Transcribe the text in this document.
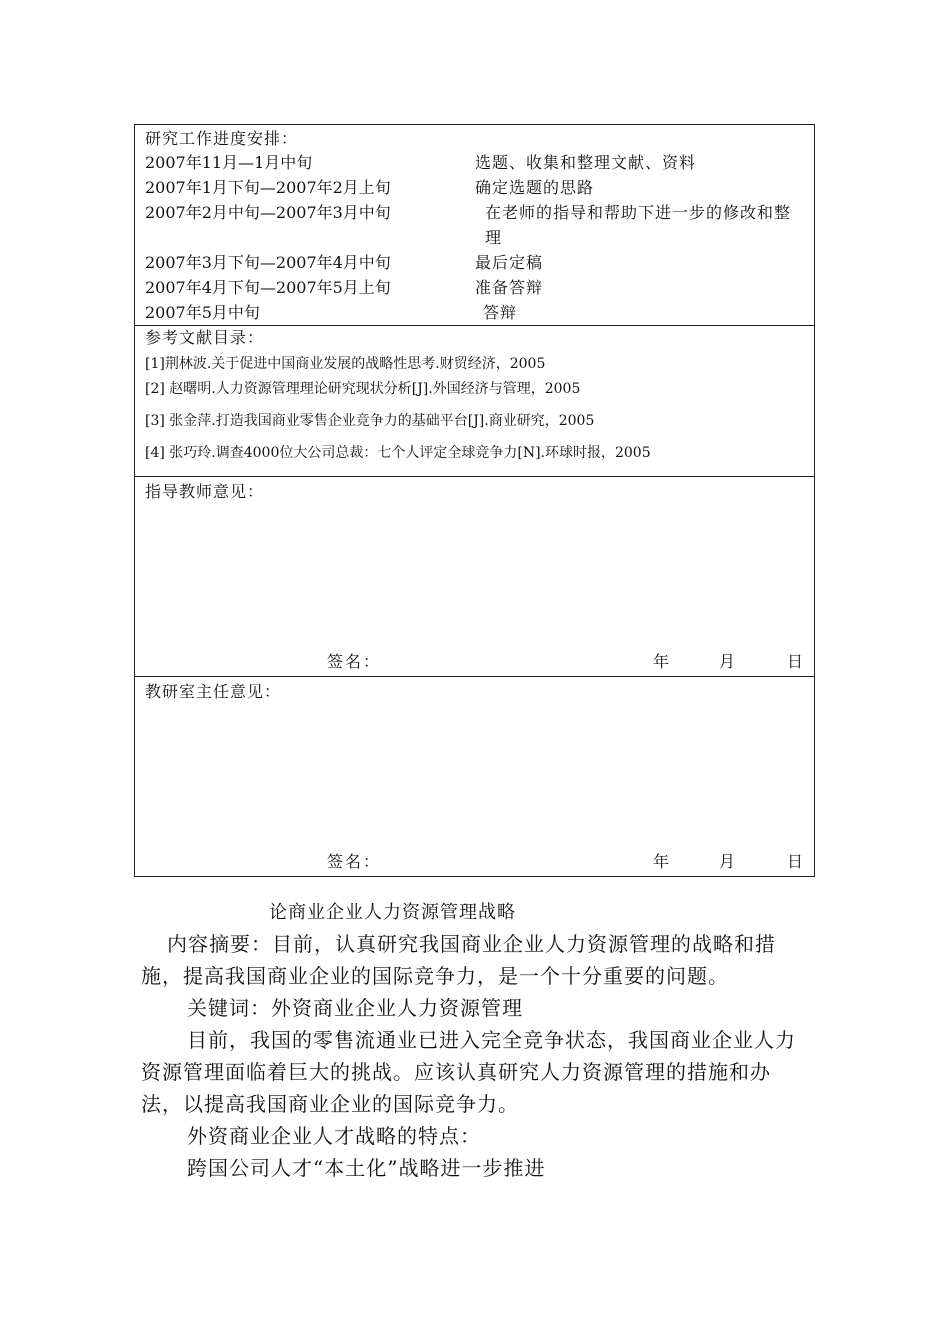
研究工作进度安排：
2007年11月—1月中旬	选题、收集和整理文献、资料
2007年1月下旬—2007年2月上旬	确定选题的思路
2007年2月中旬—2007年3月中旬	在老师的指导和帮助下进一步的修改和整理
2007年3月下旬—2007年4月中旬	最后定稿
2007年4月下旬—2007年5月上旬	准备答辩
2007年5月中旬	答辩
参考文献目录：
[1]荆林波.关于促进中国商业发展的战略性思考.财贸经济，2005
[2] 赵曙明.人力资源管理理论研究现状分析[J].外国经济与管理，2005
[3] 张金萍.打造我国商业零售企业竞争力的基础平台[J].商业研究，2005
[4] 张巧玲.调查4000位大公司总裁：七个人评定全球竞争力[N].环球时报，2005
指导教师意见：
签名：	年	月	日
教研室主任意见：
签名：	年	月	日
论商业企业人力资源管理战略
内容摘要：目前，认真研究我国商业企业人力资源管理的战略和措施，提高我国商业企业的国际竞争力，是一个十分重要的问题。
关键词：外资商业企业人力资源管理
目前，我国的零售流通业已进入完全竞争状态，我国商业企业人力资源管理面临着巨大的挑战。应该认真研究人力资源管理的措施和办法，以提高我国商业企业的国际竞争力。
外资商业企业人才战略的特点：
跨国公司人才“本土化”战略进一步推进
